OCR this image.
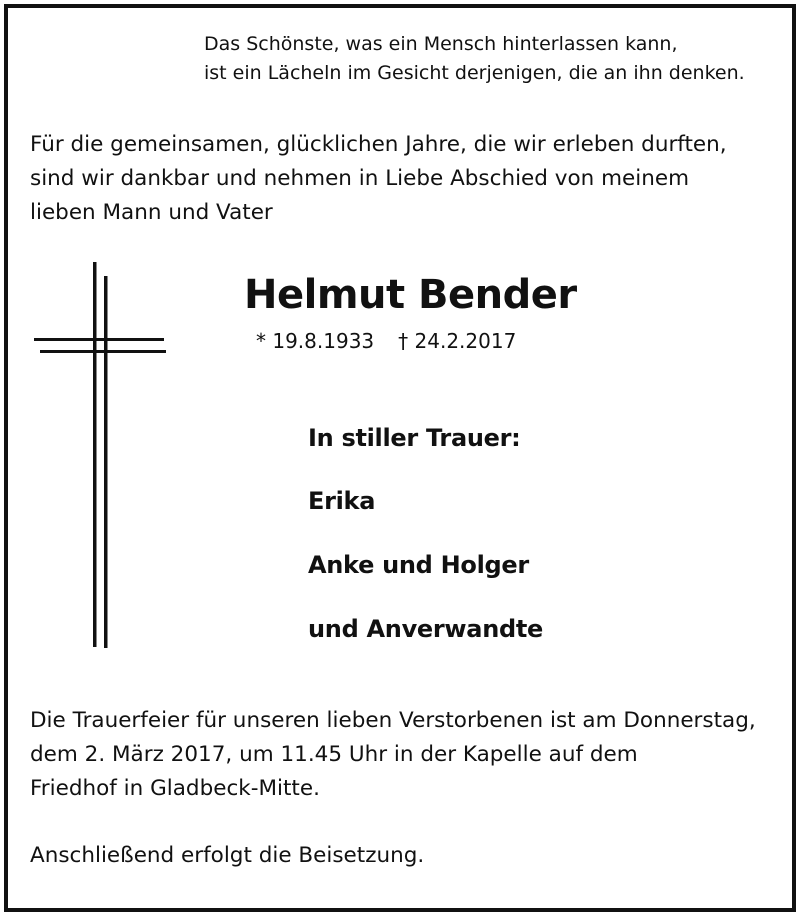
Das Schönste, was ein Mensch hinterlassen kann,
ist ein Lächeln im Gesicht derjenigen, die an ihn denken.
Für die gemeinsamen, glücklichen Jahre, die wir erleben durften,
sind wir dankbar und nehmen in Liebe Abschied von meinem
lieben Mann und Vater
Helmut Bender
* 19.8.1933 † 24.2.2017
In stiller Trauer:
Erika
Anke und Holger
und Anverwandte
Die Trauerfeier für unseren lieben Verstorbenen ist am Donnerstag,
dem 2. März 2017, um 11.45 Uhr in der Kapelle auf dem
Friedhof in Gladbeck-Mitte.
Anschließend erfolgt die Beisetzung.
